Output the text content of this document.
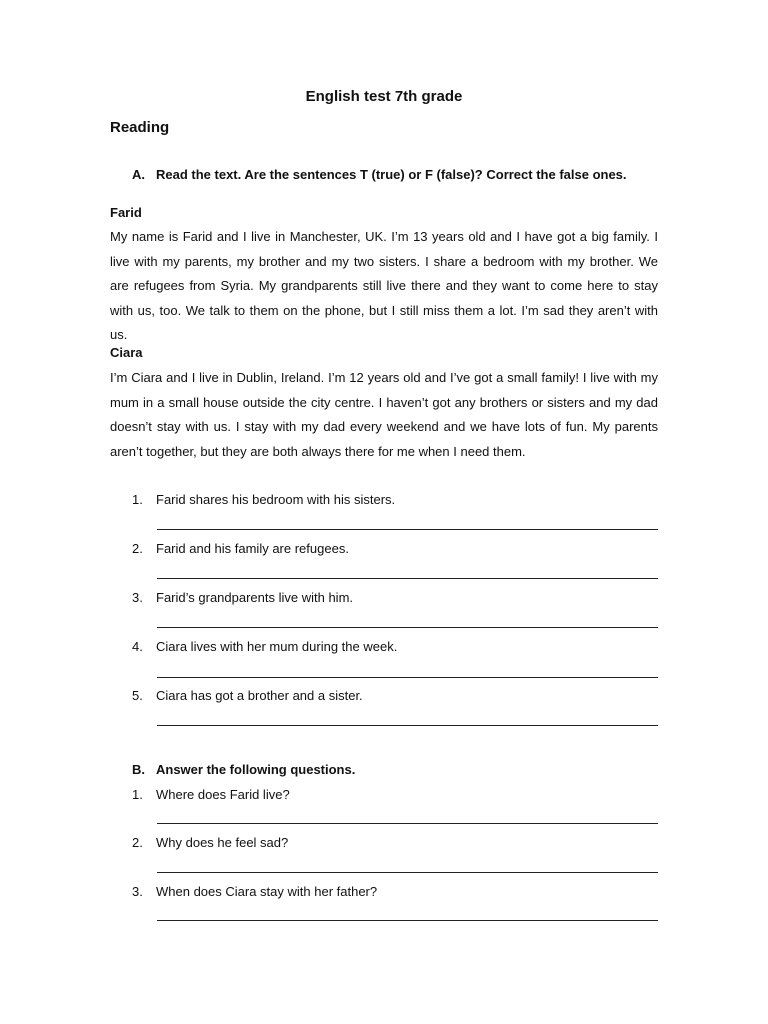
English test 7th grade
Reading
A. Read the text. Are the sentences T (true) or F (false)? Correct the false ones.
Farid
My name is Farid and I live in Manchester, UK. I’m 13 years old and I have got a big family. I live with my parents, my brother and my two sisters. I share a bedroom with my brother. We are refugees from Syria. My grandparents still live there and they want to come here to stay with us, too. We talk to them on the phone, but I still miss them a lot. I’m sad they aren’t with us.
Ciara
I’m Ciara and I live in Dublin, Ireland. I’m 12 years old and I’ve got a small family! I live with my mum in a small house outside the city centre. I haven’t got any brothers or sisters and my dad doesn’t stay with us. I stay with my dad every weekend and we have lots of fun. My parents aren’t together, but they are both always there for me when I need them.
1. Farid shares his bedroom with his sisters.
2. Farid and his family are refugees.
3. Farid’s grandparents live with him.
4. Ciara lives with her mum during the week.
5. Ciara has got a brother and a sister.
B. Answer the following questions.
1. Where does Farid live?
2. Why does he feel sad?
3. When does Ciara stay with her father?
